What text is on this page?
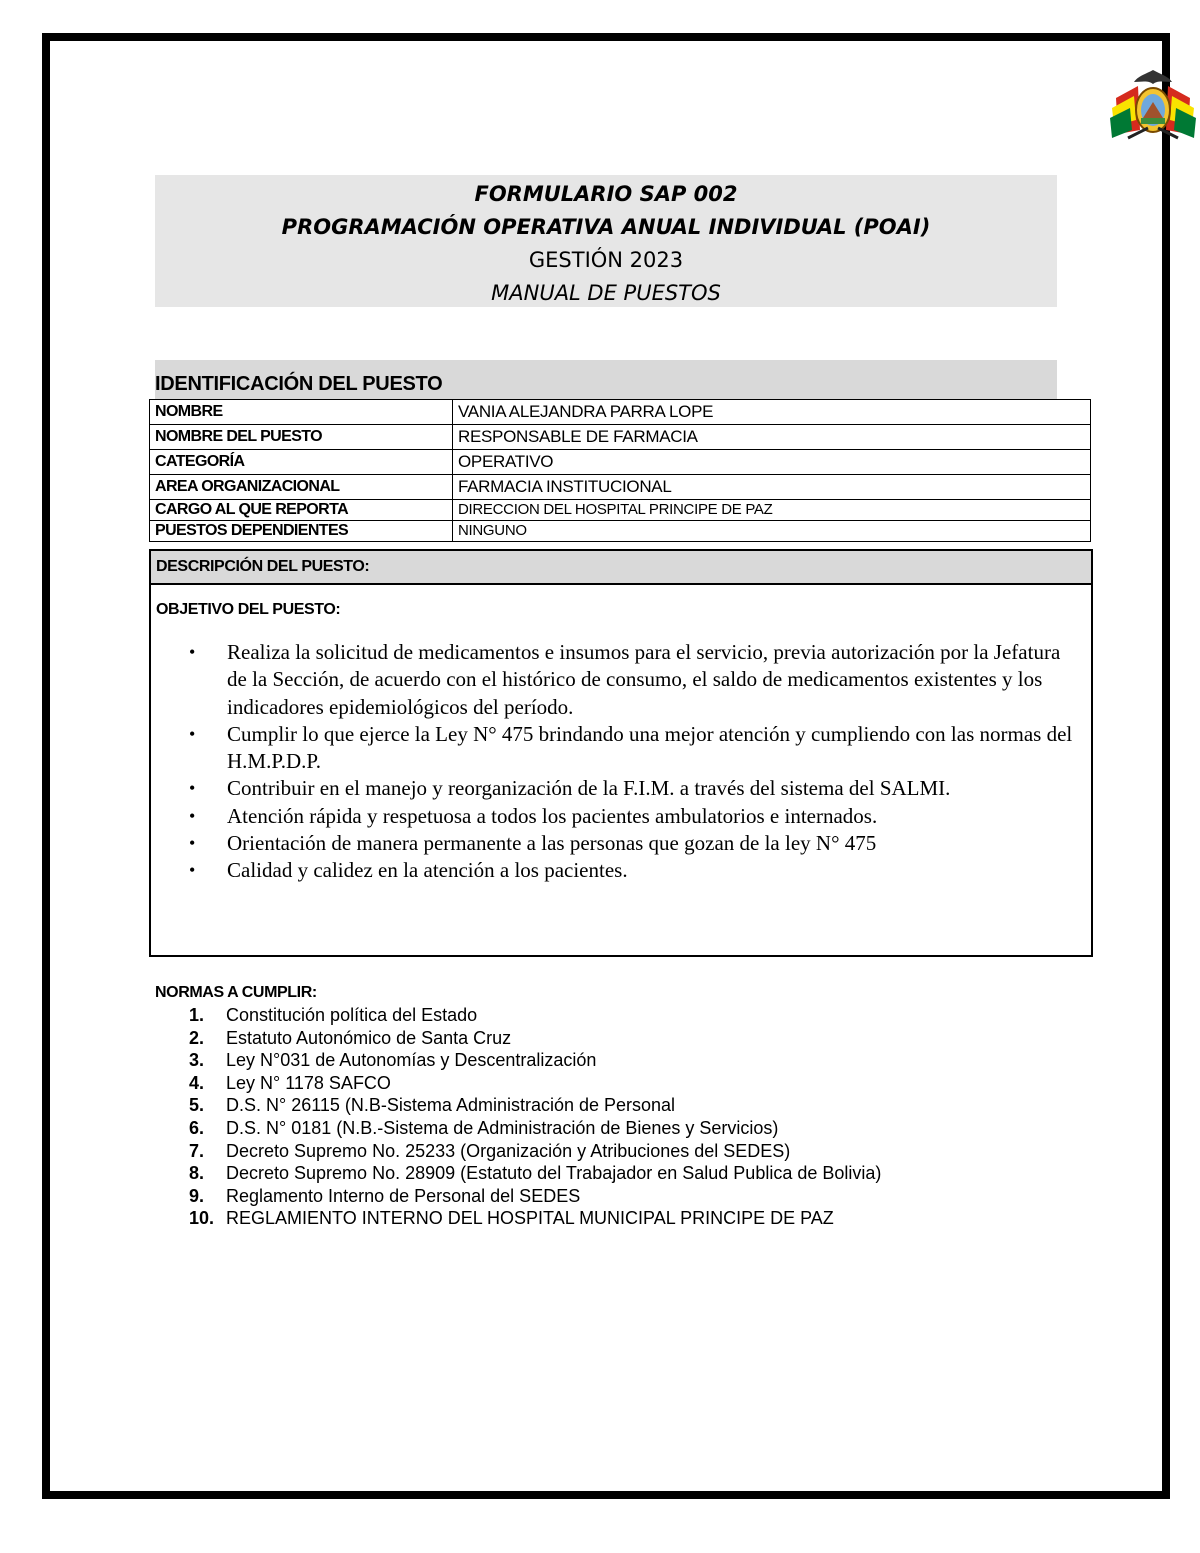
FORMULARIO SAP 002
PROGRAMACIÓN OPERATIVA ANUAL INDIVIDUAL (POAI)
GESTIÓN 2023
MANUAL DE PUESTOS
IDENTIFICACIÓN DEL PUESTO
NOMBRE	VANIA ALEJANDRA PARRA LOPE
NOMBRE DEL PUESTO	RESPONSABLE DE FARMACIA
CATEGORÍA	OPERATIVO
AREA ORGANIZACIONAL	FARMACIA INSTITUCIONAL
CARGO AL QUE REPORTA	DIRECCION DEL HOSPITAL PRINCIPE DE PAZ
PUESTOS DEPENDIENTES	NINGUNO
DESCRIPCIÓN DEL PUESTO:
OBJETIVO DEL PUESTO:
• Realiza la solicitud de medicamentos e insumos para el servicio, previa autorización por la Jefatura de la Sección, de acuerdo con el histórico de consumo, el saldo de medicamentos existentes y los indicadores epidemiológicos del período.
• Cumplir lo que ejerce la Ley N° 475 brindando una mejor atención y cumpliendo con las normas del H.M.P.D.P.
• Contribuir en el manejo y reorganización de la F.I.M. a través del sistema del SALMI.
• Atención rápida y respetuosa a todos los pacientes ambulatorios e internados.
• Orientación de manera permanente a las personas que gozan de la ley N° 475
• Calidad y calidez en la atención a los pacientes.
NORMAS A CUMPLIR:
1. Constitución política del Estado
2. Estatuto Autonómico de Santa Cruz
3. Ley N°031 de Autonomías y Descentralización
4. Ley N° 1178 SAFCO
5. D.S. N° 26115 (N.B-Sistema Administración de Personal
6. D.S. N° 0181 (N.B.-Sistema de Administración de Bienes y Servicios)
7. Decreto Supremo No. 25233 (Organización y Atribuciones del SEDES)
8. Decreto Supremo No. 28909 (Estatuto del Trabajador en Salud Publica de Bolivia)
9. Reglamento Interno de Personal del SEDES
10. REGLAMIENTO INTERNO DEL HOSPITAL MUNICIPAL PRINCIPE DE PAZ
